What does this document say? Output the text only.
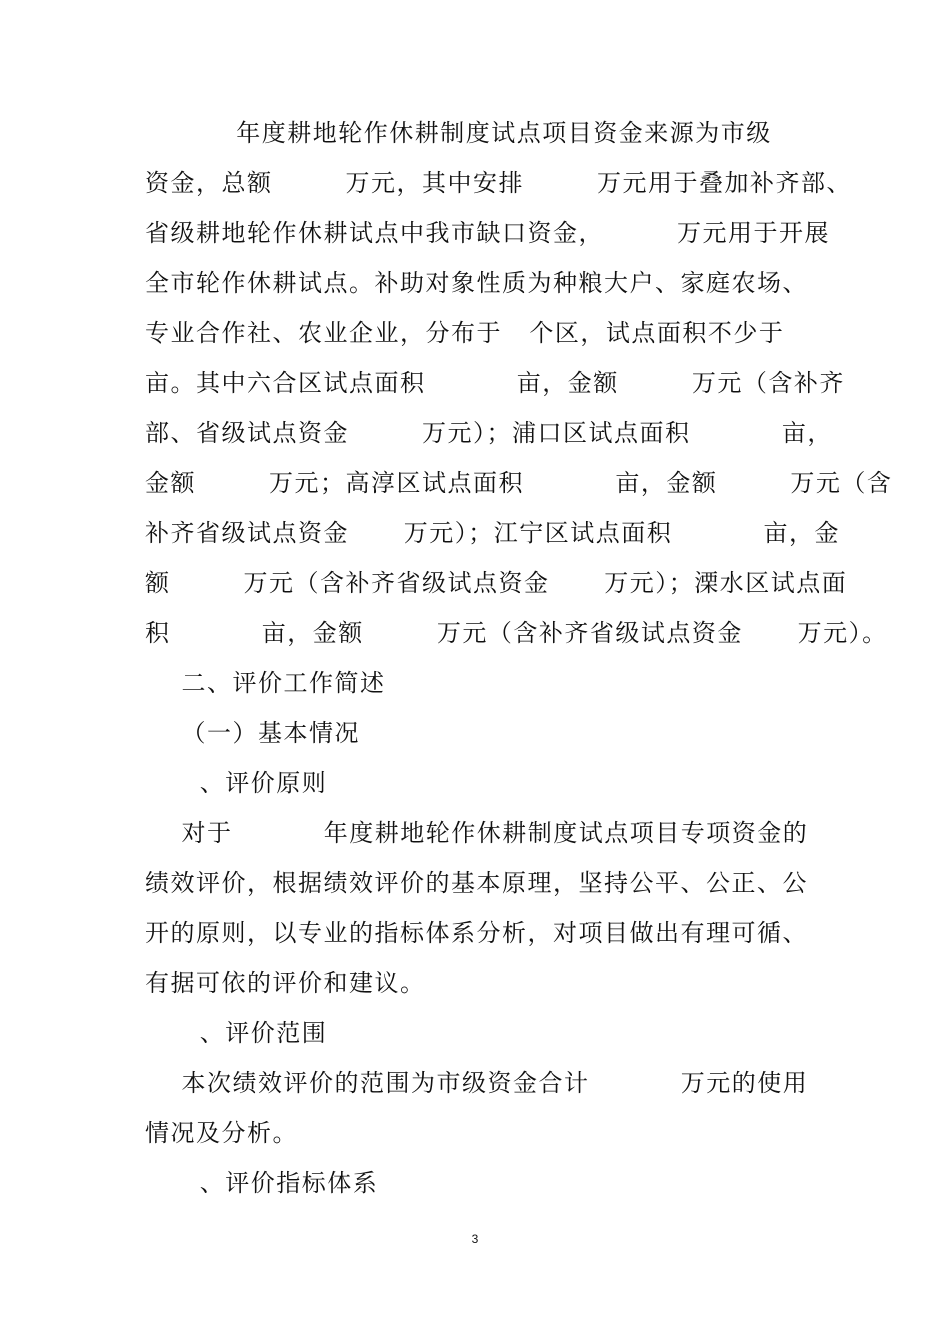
年度耕地轮作休耕制度试点项目资金来源为市级
资金，总额        万元，其中安排        万元用于叠加补齐部、
省级耕地轮作休耕试点中我市缺口资金，        万元用于开展
全市轮作休耕试点。补助对象性质为种粮大户、家庭农场、
专业合作社、农业企业，分布于   个区，试点面积不少于
亩。其中六合区试点面积          亩，金额        万元（含补齐
部、省级试点资金        万元）；浦口区试点面积          亩，
金额        万元；高淳区试点面积          亩，金额        万元（含
补齐省级试点资金      万元）；江宁区试点面积          亩，金
额        万元（含补齐省级试点资金      万元）；溧水区试点面
积          亩，金额        万元（含补齐省级试点资金      万元）。
二、评价工作简述
（一）基本情况
、评价原则
对于          年度耕地轮作休耕制度试点项目专项资金的
绩效评价，根据绩效评价的基本原理，坚持公平、公正、公
开的原则，以专业的指标体系分析，对项目做出有理可循、
有据可依的评价和建议。
、评价范围
本次绩效评价的范围为市级资金合计          万元的使用
情况及分析。
、评价指标体系
3
